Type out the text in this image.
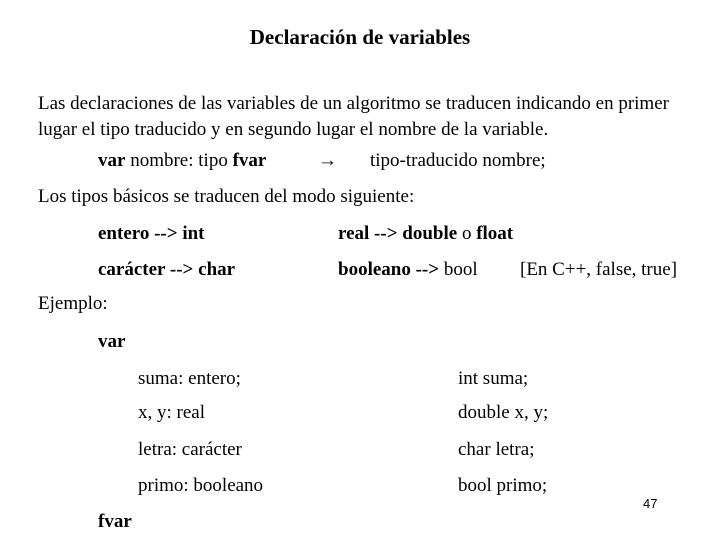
Declaración de variables
Las declaraciones de las variables de un algoritmo se traducen indicando en primer lugar el tipo traducido y en segundo lugar el nombre de la variable.
var nombre: tipo fvar	→ tipo-traducido nombre;
Los tipos básicos se traducen del modo siguiente:
entero --> int	real --> double o float
carácter --> char	booleano --> bool [En C++, false, true]
Ejemplo:
var
suma: entero;	int suma;
x, y: real	double x, y;
letra: carácter	char letra;
primo: booleano	bool primo;
fvar
47
